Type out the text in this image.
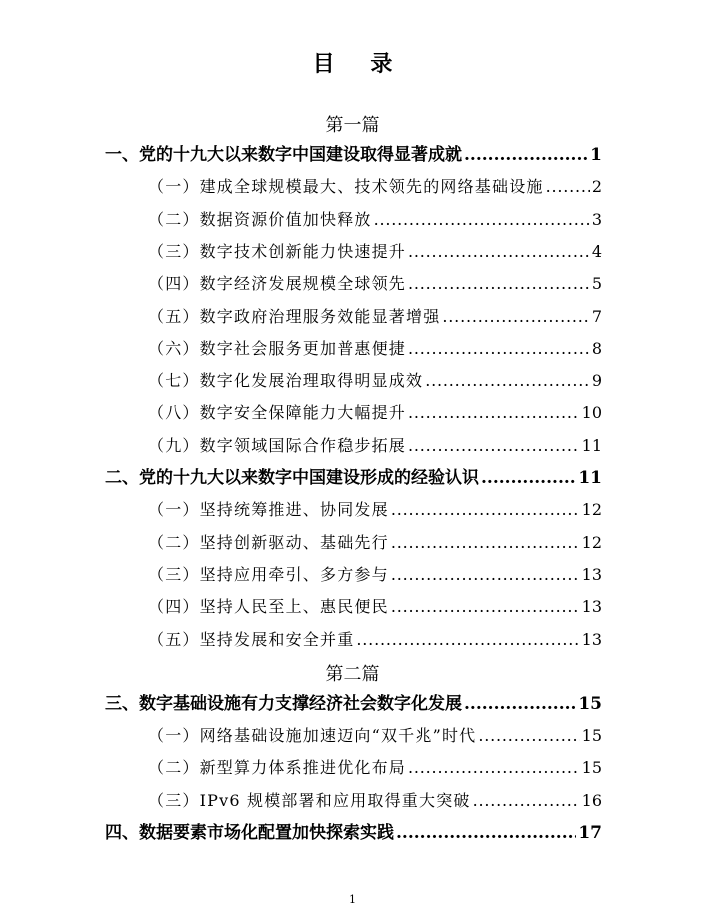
目 录
第一篇
一、党的十九大以来数字中国建设取得显著成就 .....	1
（一）建成全球规模最大、技术领先的网络基础设施 .....	2
（二）数据资源价值加快释放 .....	3
（三）数字技术创新能力快速提升 .....	4
（四）数字经济发展规模全球领先 .....	5
（五）数字政府治理服务效能显著增强 .....	7
（六）数字社会服务更加普惠便捷 .....	8
（七）数字化发展治理取得明显成效 .....	9
（八）数字安全保障能力大幅提升 .....	10
（九）数字领域国际合作稳步拓展 .....	11
二、党的十九大以来数字中国建设形成的经验认识 .....	11
（一）坚持统筹推进、协同发展 .....	12
（二）坚持创新驱动、基础先行 .....	12
（三）坚持应用牵引、多方参与 .....	13
（四）坚持人民至上、惠民便民 .....	13
（五）坚持发展和安全并重 .....	13
第二篇
三、数字基础设施有力支撑经济社会数字化发展 .....	15
（一）网络基础设施加速迈向“双千兆”时代 .....	15
（二）新型算力体系推进优化布局 .....	15
（三）IPv6 规模部署和应用取得重大突破 .....	16
四、数据要素市场化配置加快探索实践 .....	17
1
